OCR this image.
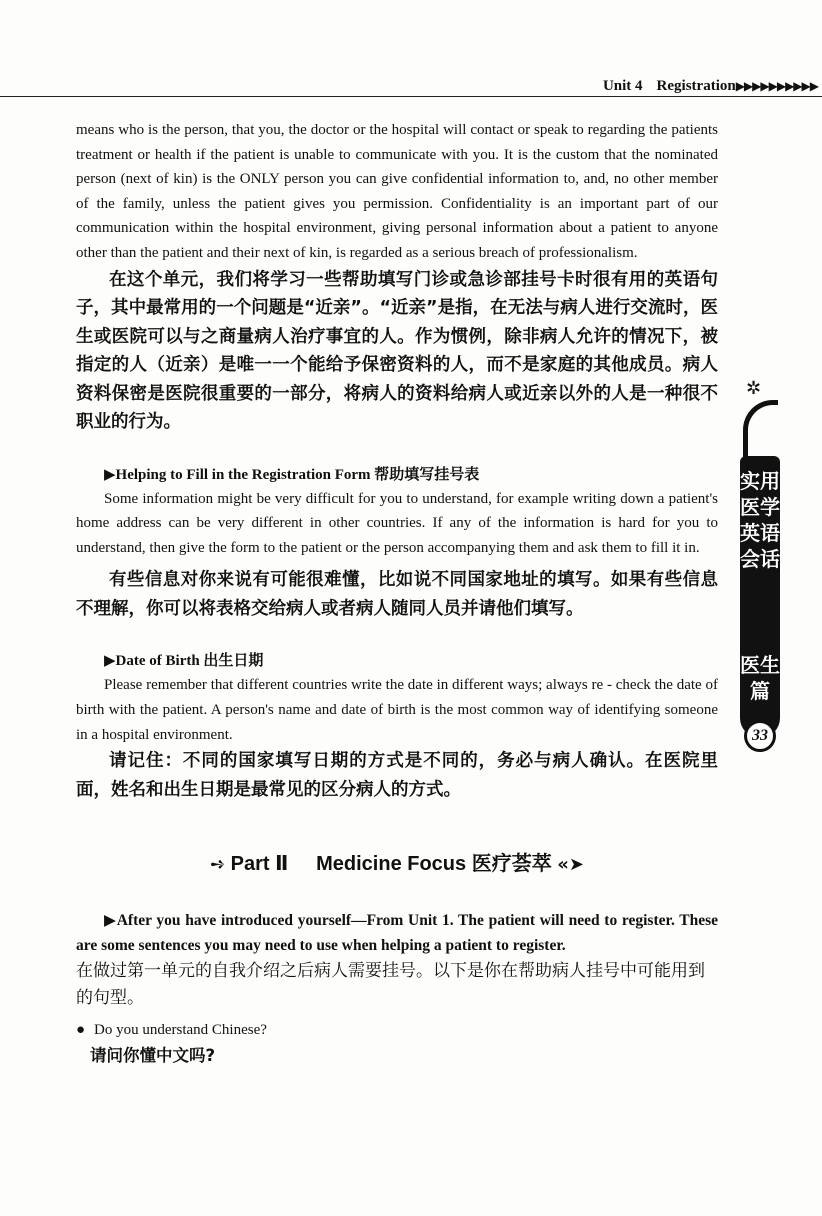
Unit 4 Registration▶▶▶▶▶▶▶▶▶▶

means who is the person, that you, the doctor or the hospital will contact or speak to regarding the patients treatment or health if the patient is unable to communicate with you. It is the custom that the nominated person (next of kin) is the ONLY person you can give confidential information to, and, no other member of the family, unless the patient gives you permission. Confidentiality is an important part of our communication within the hospital environment, giving personal information about a patient to anyone other than the patient and their next of kin, is regarded as a serious breach of professionalism.

在这个单元，我们将学习一些帮助填写门诊或急诊部挂号卡时很有用的英语句子，其中最常用的一个问题是“近亲”。“近亲”是指，在无法与病人进行交流时，医生或医院可以与之商量病人治疗事宜的人。作为惯例，除非病人允许的情况下，被指定的人（近亲）是唯一一个能给予保密资料的人，而不是家庭的其他成员。病人资料保密是医院很重要的一部分，将病人的资料给病人或近亲以外的人是一种很不职业的行为。

▶Helping to Fill in the Registration Form 帮助填写挂号表

Some information might be very difficult for you to understand, for example writing down a patient's home address can be very different in other countries. If any of the information is hard for you to understand, then give the form to the patient or the person accompanying them and ask them to fill it in.

有些信息对你来说有可能很难懂，比如说不同国家地址的填写。如果有些信息不理解，你可以将表格交给病人或者病人随同人员并请他们填写。

▶Date of Birth 出生日期

Please remember that different countries write the date in different ways; always re - check the date of birth with the patient. A person's name and date of birth is the most common way of identifying someone in a hospital environment.

请记住：不同的国家填写日期的方式是不同的，务必与病人确认。在医院里面，姓名和出生日期是最常见的区分病人的方式。

➺ Part Ⅱ Medicine Focus 医疗荟萃 «➤

▶After you have introduced yourself—From Unit 1. The patient will need to register. These are some sentences you may need to use when helping a patient to register.

在做过第一单元的自我介绍之后病人需要挂号。以下是你在帮助病人挂号中可能用到的句型。

● Do you understand Chinese?

请问你懂中文吗?

✲
实用医学英语会话
医生篇
33
